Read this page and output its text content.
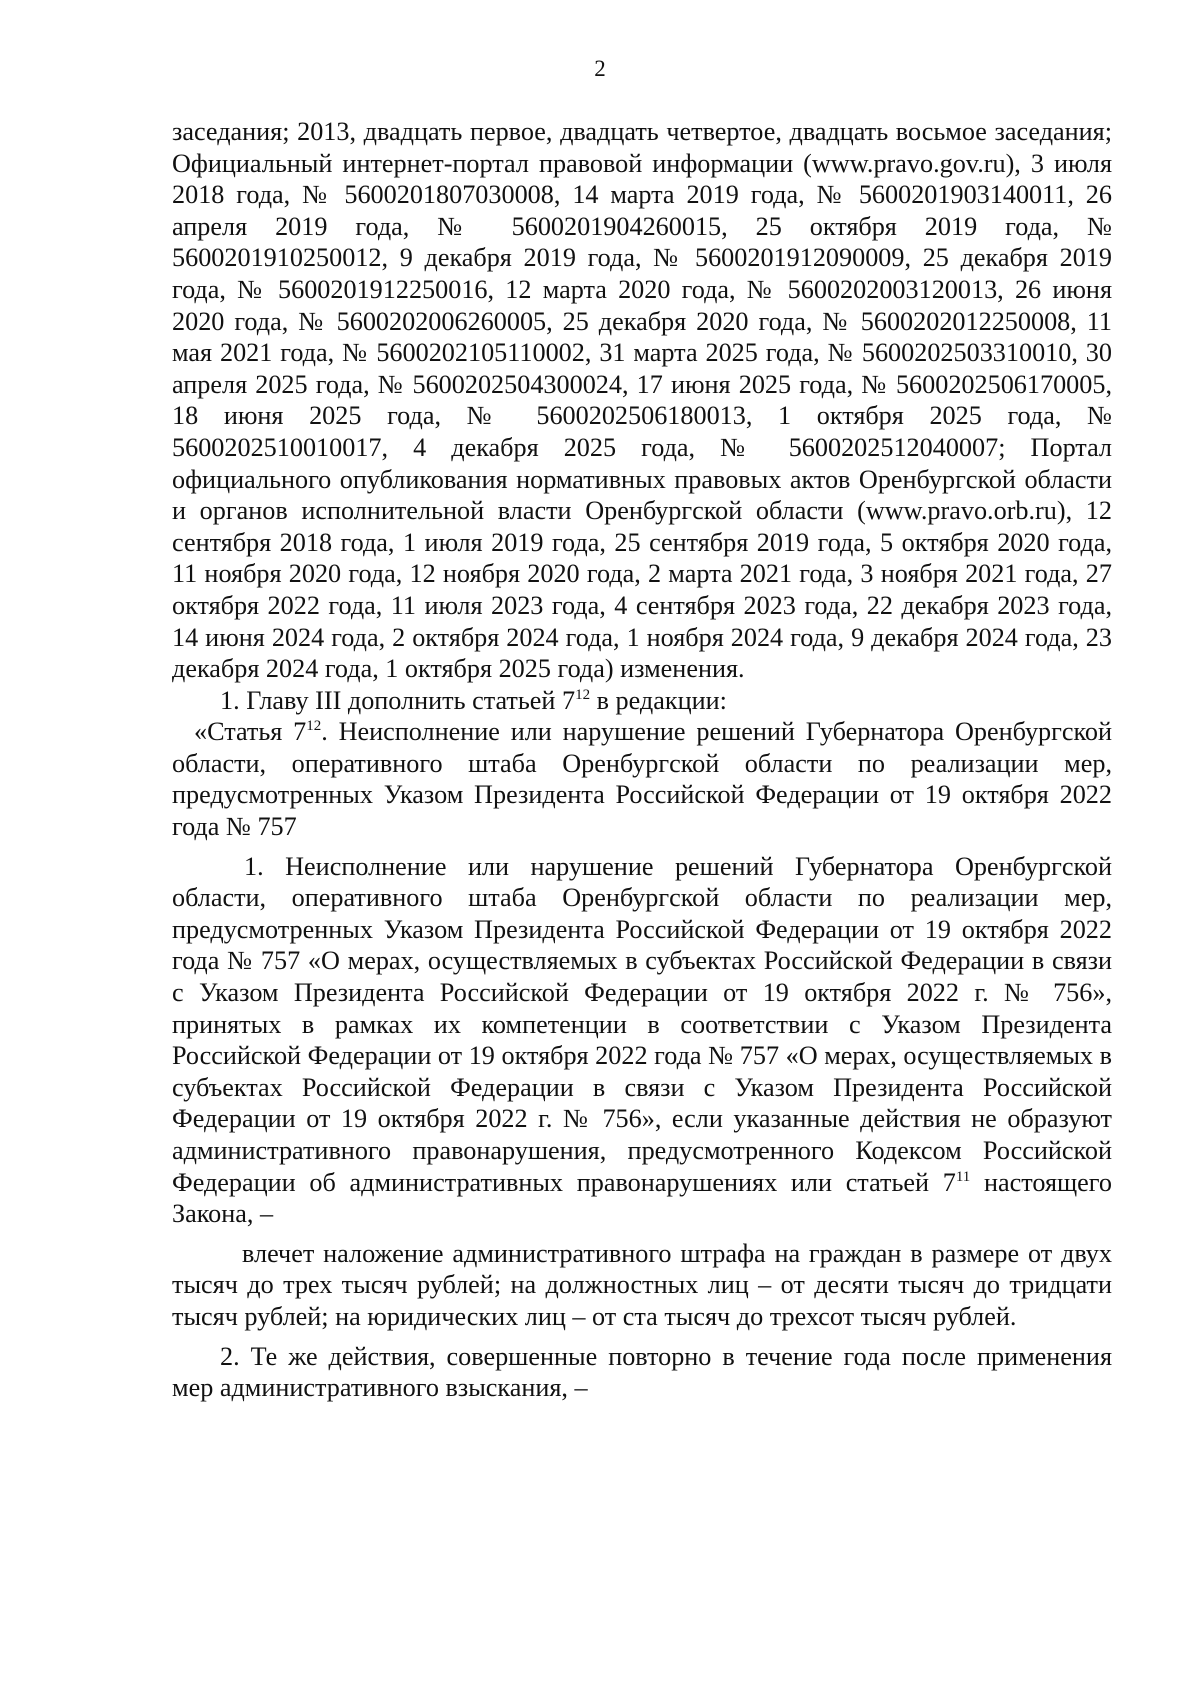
2

заседания; 2013, двадцать первое, двадцать четвертое, двадцать восьмое заседания; Официальный интернет-портал правовой информации (www.pravo.gov.ru), 3 июля 2018 года, № 5600201807030008, 14 марта 2019 года, № 5600201903140011, 26 апреля 2019 года, № 5600201904260015, 25 октября 2019 года, № 5600201910250012, 9 декабря 2019 года, № 5600201912090009, 25 декабря 2019 года, № 5600201912250016, 12 марта 2020 года, № 5600202003120013, 26 июня 2020 года, № 5600202006260005, 25 декабря 2020 года, № 5600202012250008, 11 мая 2021 года, № 5600202105110002, 31 марта 2025 года, № 5600202503310010, 30 апреля 2025 года, № 5600202504300024, 17 июня 2025 года, № 5600202506170005, 18 июня 2025 года, № 5600202506180013, 1 октября 2025 года, № 5600202510010017, 4 декабря 2025 года, № 5600202512040007; Портал официального опубликования нормативных правовых актов Оренбургской области и органов исполнительной власти Оренбургской области (www.pravo.orb.ru), 12 сентября 2018 года, 1 июля 2019 года, 25 сентября 2019 года, 5 октября 2020 года, 11 ноября 2020 года, 12 ноября 2020 года, 2 марта 2021 года, 3 ноября 2021 года, 27 октября 2022 года, 11 июля 2023 года, 4 сентября 2023 года, 22 декабря 2023 года, 14 июня 2024 года, 2 октября 2024 года, 1 ноября 2024 года, 9 декабря 2024 года, 23 декабря 2024 года, 1 октября 2025 года) изменения.

1. Главу III дополнить статьей $7^{12}$ в редакции:

«Статья $7^{12}$. Неисполнение или нарушение решений Губернатора Оренбургской области, оперативного штаба Оренбургской области по реализации мер, предусмотренных Указом Президента Российской Федерации от 19 октября 2022 года № 757

1. Неисполнение или нарушение решений Губернатора Оренбургской области, оперативного штаба Оренбургской области по реализации мер, предусмотренных Указом Президента Российской Федерации от 19 октября 2022 года № 757 «О мерах, осуществляемых в субъектах Российской Федерации в связи с Указом Президента Российской Федерации от 19 октября 2022 г. № 756», принятых в рамках их компетенции в соответствии с Указом Президента Российской Федерации от 19 октября 2022 года № 757 «О мерах, осуществляемых в субъектах Российской Федерации в связи с Указом Президента Российской Федерации от 19 октября 2022 г. № 756», если указанные действия не образуют административного правонарушения, предусмотренного Кодексом Российской Федерации об административных правонарушениях или статьей $7^{11}$ настоящего Закона, –

влечет наложение административного штрафа на граждан в размере от двух тысяч до трех тысяч рублей; на должностных лиц – от десяти тысяч до тридцати тысяч рублей; на юридических лиц – от ста тысяч до трехсот тысяч рублей.

2. Те же действия, совершенные повторно в течение года после применения мер административного взыскания, –
